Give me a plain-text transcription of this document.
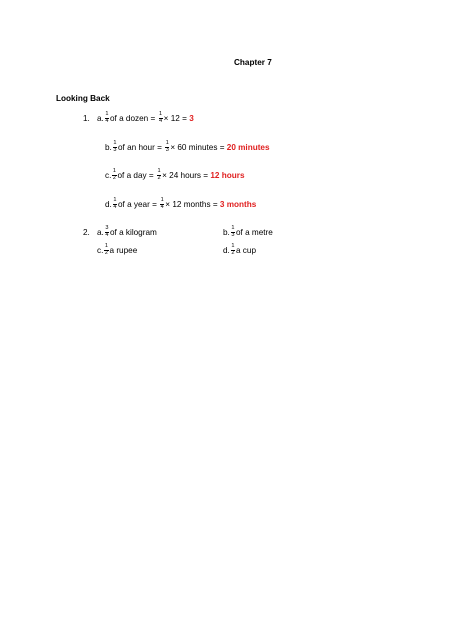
Chapter 7
Looking Back
1. a. $\frac{1}{4}$ of a dozen =
$\frac{1}{4} \times 12$ =
3
b. $\frac{1}{3}$ of an hour =
$\frac{1}{3} \times 60$ minutes =
20 minutes
c. $\frac{1}{2}$ of a day =
$\frac{1}{2} \times 24$ hours =
12 hours
d. $\frac{1}{4}$ of a year =
$\frac{1}{4} \times 12$ months =
3 months
2. a. $\frac{3}{4}$ of a kilogram	b. $\frac{1}{3}$ of a metre
c. $\frac{1}{2}$ a rupee	d. $\frac{1}{2}$ a cup
